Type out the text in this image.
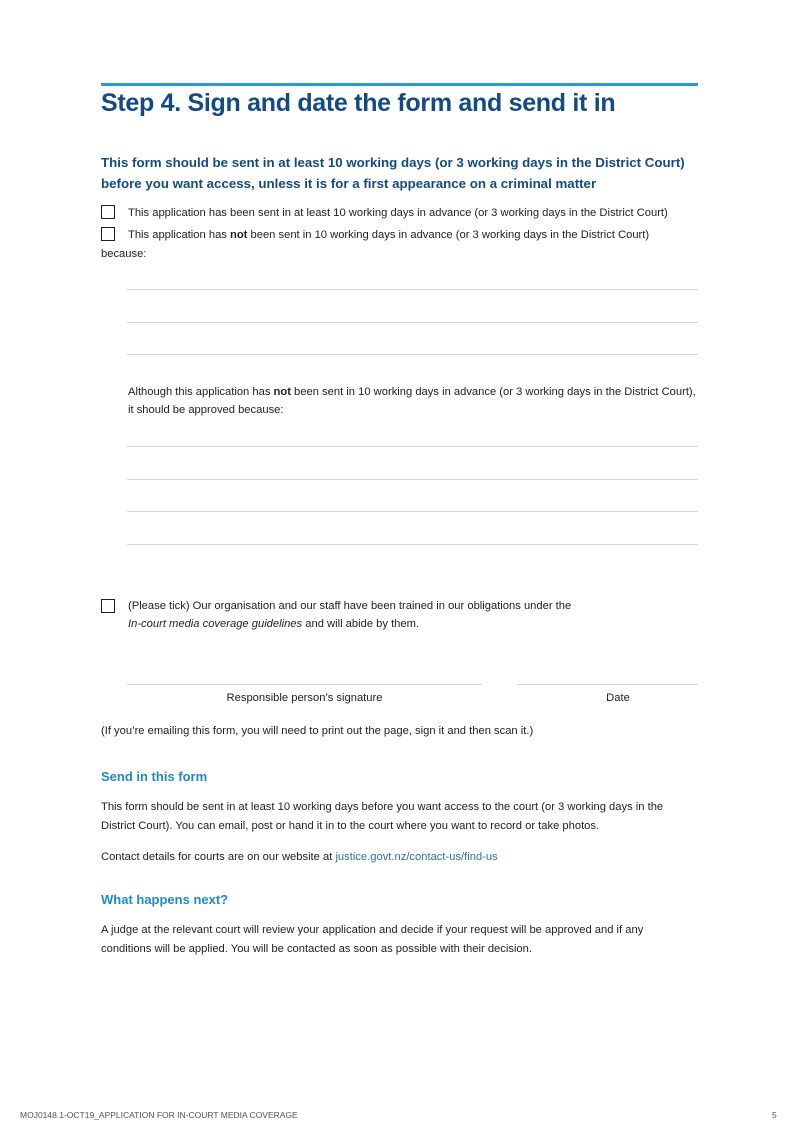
Step 4. Sign and date the form and send it in
This form should be sent in at least 10 working days (or 3 working days in the District Court) before you want access, unless it is for a first appearance on a criminal matter
This application has been sent in at least 10 working days in advance (or 3 working days in the District Court)
This application has not been sent in 10 working days in advance (or 3 working days in the District Court)
because:
Although this application has not been sent in 10 working days in advance (or 3 working days in the District Court), it should be approved because:
(Please tick) Our organisation and our staff have been trained in our obligations under the
In-court media coverage guidelines and will abide by them.
Responsible person’s signature	Date
(If you’re emailing this form, you will need to print out the page, sign it and then scan it.)
Send in this form
This form should be sent in at least 10 working days before you want access to the court (or 3 working days in the District Court). You can email, post or hand it in to the court where you want to record or take photos.
Contact details for courts are on our website at justice.govt.nz/contact-us/find-us
What happens next?
A judge at the relevant court will review your application and decide if your request will be approved and if any conditions will be applied. You will be contacted as soon as possible with their decision.
MOJ0148.1-OCT19_APPLICATION FOR IN-COURT MEDIA COVERAGE	5
